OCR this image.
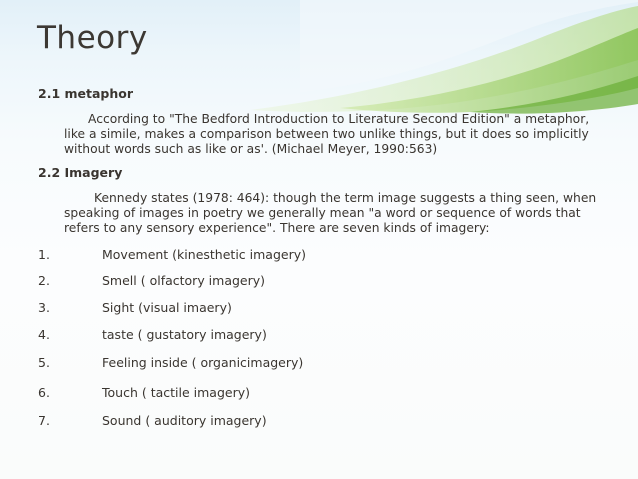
Theory

2.1 metaphor

According to "The Bedford Introduction to Literature Second Edition" a metaphor, like a simile, makes a comparison between two unlike things, but it does so implicitly without words such as like or as'. (Michael Meyer, 1990:563)

2.2 Imagery

Kennedy states (1978: 464): though the term image suggests a thing seen, when speaking of images in poetry we generally mean "a word or sequence of words that refers to any sensory experience". There are seven kinds of imagery:

1.	Movement (kinesthetic imagery)
2.	Smell ( olfactory imagery)
3.	Sight (visual imaery)
4.	taste ( gustatory imagery)
5.	Feeling inside ( organicimagery)
6.	Touch ( tactile imagery)
7.	Sound ( auditory imagery)
